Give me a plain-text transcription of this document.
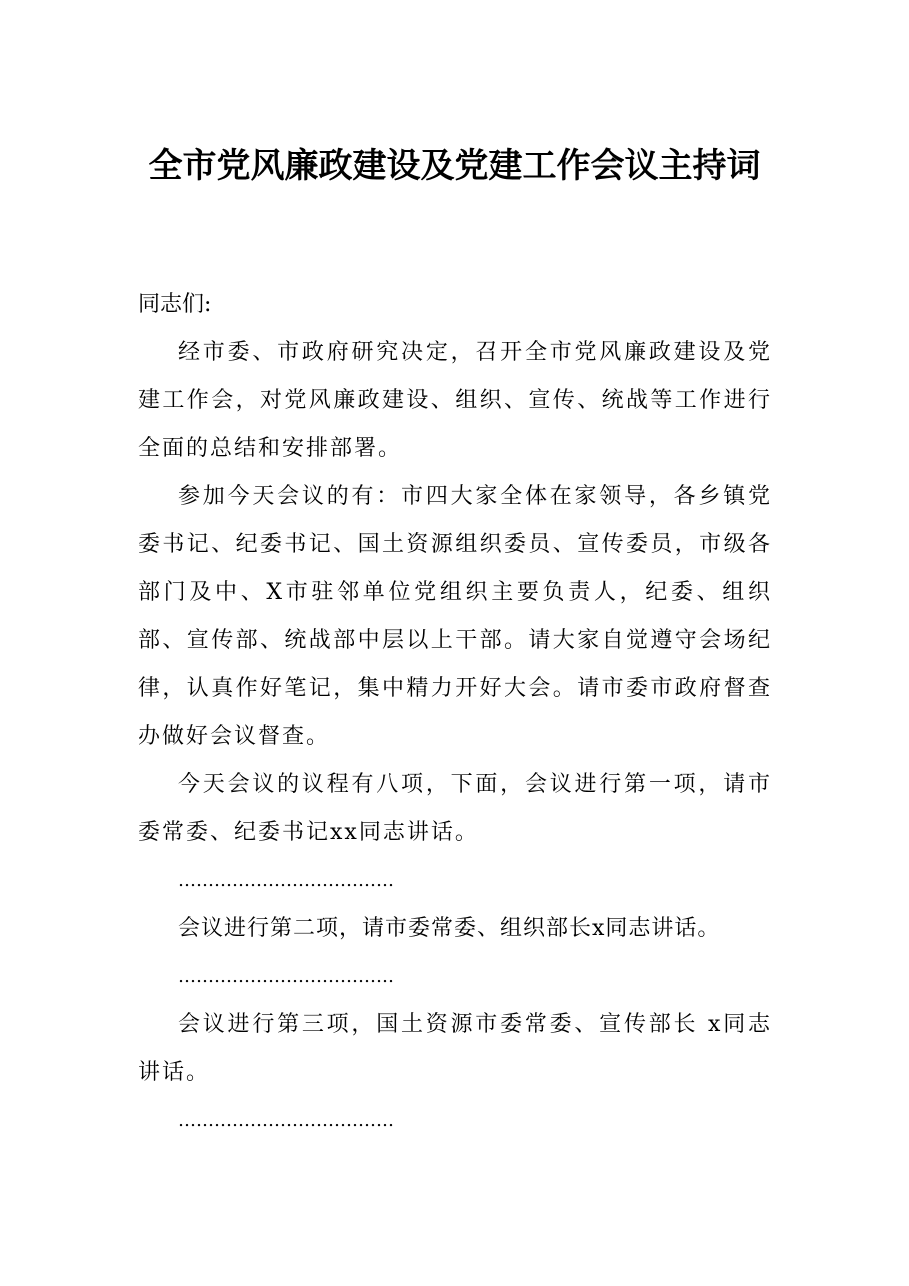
全市党风廉政建设及党建工作会议主持词

同志们:

经市委、市政府研究决定，召开全市党风廉政建设及党建工作会，对党风廉政建设、组织、宣传、统战等工作进行全面的总结和安排部署。

参加今天会议的有：市四大家全体在家领导，各乡镇党委书记、纪委书记、国土资源组织委员、宣传委员，市级各部门及中、X市驻邻单位党组织主要负责人，纪委、组织部、宣传部、统战部中层以上干部。请大家自觉遵守会场纪律，认真作好笔记，集中精力开好大会。请市委市政府督查办做好会议督查。

今天会议的议程有八项，下面，会议进行第一项，请市委常委、纪委书记xx同志讲话。

………………………………

会议进行第二项，请市委常委、组织部长x同志讲话。

………………………………

会议进行第三项，国土资源市委常委、宣传部长 x同志讲话。

………………………………
